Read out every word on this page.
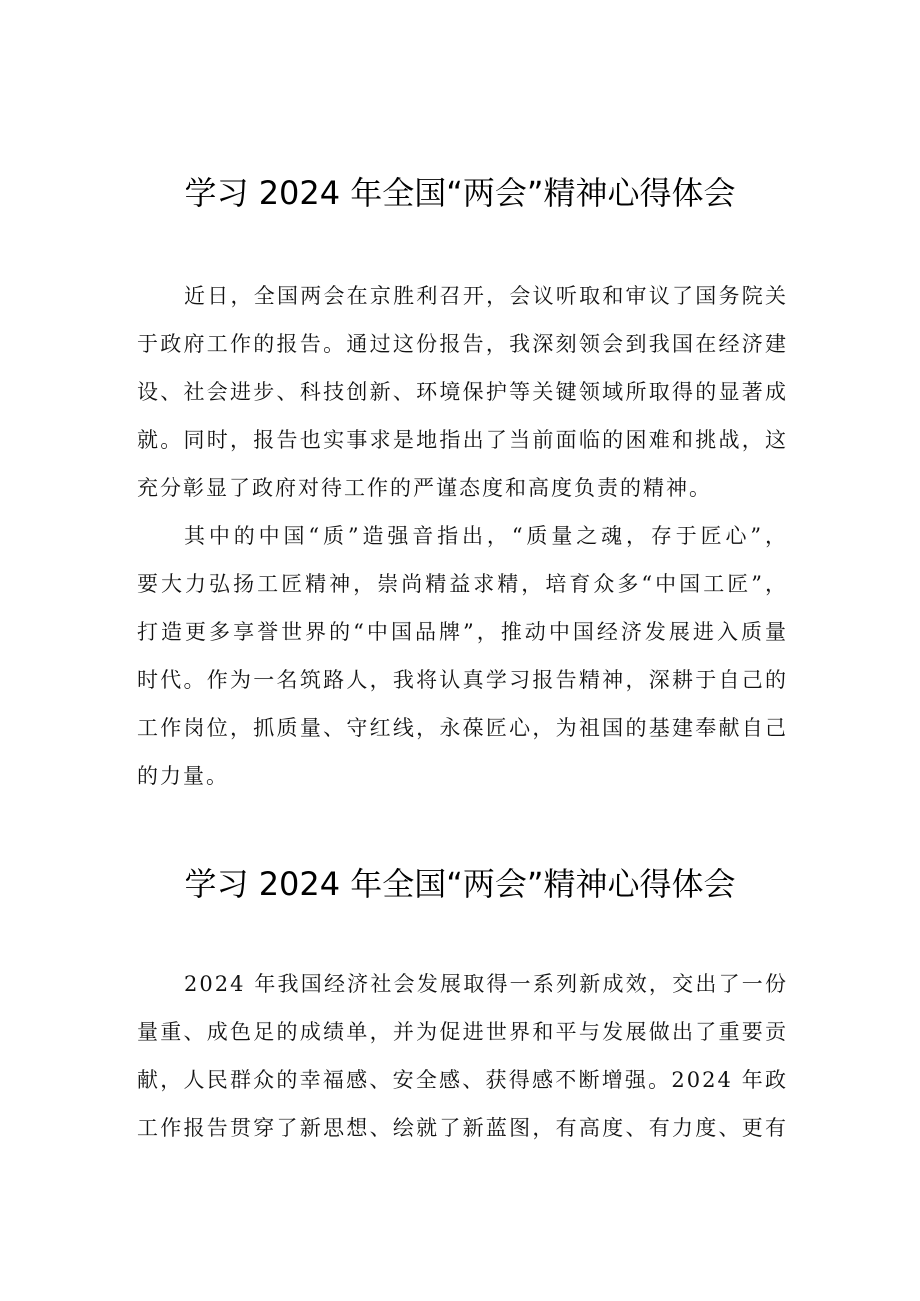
学习 2024 年全国“两会”精神心得体会
近日，全国两会在京胜利召开，会议听取和审议了国务院关
于政府工作的报告。通过这份报告，我深刻领会到我国在经济建
设、社会进步、科技创新、环境保护等关键领域所取得的显著成
就。同时，报告也实事求是地指出了当前面临的困难和挑战，这
充分彰显了政府对待工作的严谨态度和高度负责的精神。
其中的中国“质”造强音指出，“质量之魂，存于匠心”，
要大力弘扬工匠精神，崇尚精益求精，培育众多“中国工匠”，
打造更多享誉世界的“中国品牌”，推动中国经济发展进入质量
时代。作为一名筑路人，我将认真学习报告精神，深耕于自己的
工作岗位，抓质量、守红线，永葆匠心，为祖国的基建奉献自己
的力量。
学习 2024 年全国“两会”精神心得体会
2024 年我国经济社会发展取得一系列新成效，交出了一份
量重、成色足的成绩单，并为促进世界和平与发展做出了重要贡
献，人民群众的幸福感、安全感、获得感不断增强。2024 年政
工作报告贯穿了新思想、绘就了新蓝图，有高度、有力度、更有
